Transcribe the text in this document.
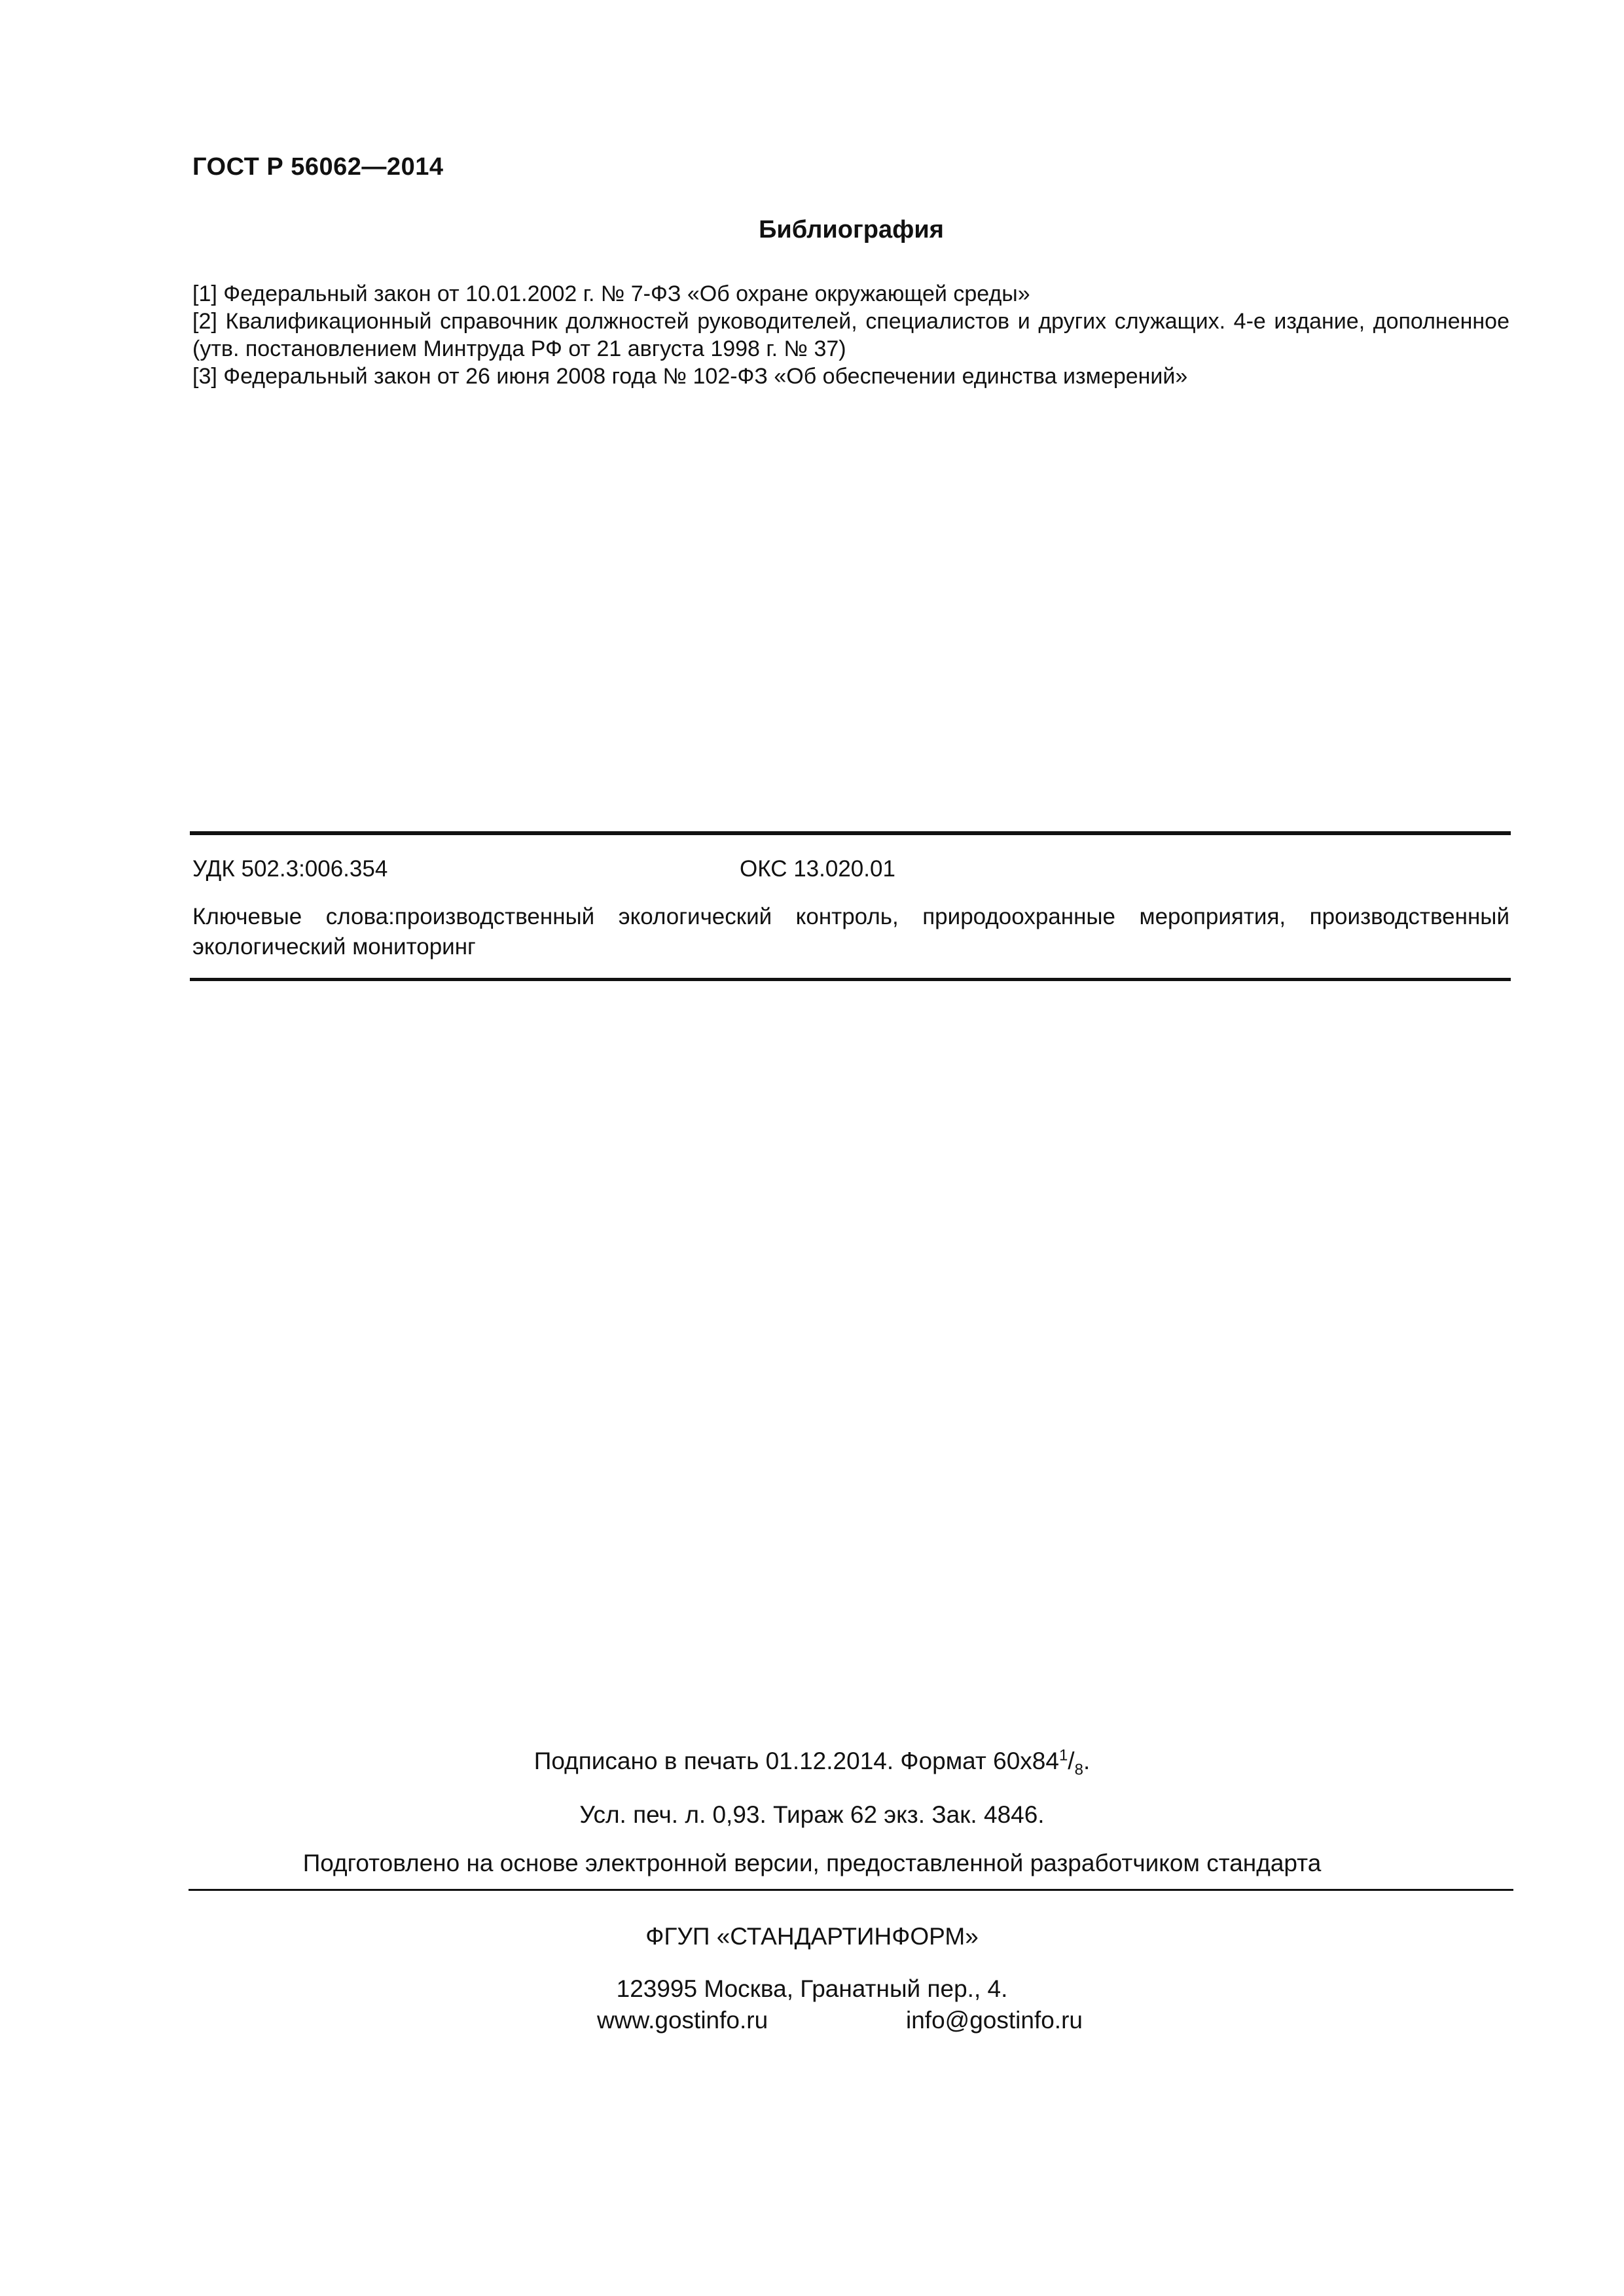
ГОСТ Р 56062—2014
Библиография
[1] Федеральный закон от 10.01.2002 г. № 7-ФЗ «Об охране окружающей среды»
[2] Квалификационный справочник должностей руководителей, специалистов и других служащих. 4-е издание, дополненное (утв. постановлением Минтруда РФ от 21 августа 1998 г. № 37)
[3] Федеральный закон от 26 июня 2008 года № 102-ФЗ «Об обеспечении единства измерений»
УДК 502.3:006.354	ОКС 13.020.01
Ключевые слова:производственный экологический контроль, природоохранные мероприятия, производственный экологический мониторинг
Подписано в печать 01.12.2014. Формат $60х84^1/_8$.
Усл. печ. л. 0,93. Тираж 62 экз. Зак. 4846.
Подготовлено на основе электронной версии, предоставленной разработчиком стандарта
ФГУП «СТАНДАРТИНФОРМ»
123995 Москва, Гранатный пер., 4.
www.gostinfo.ru	info@gostinfo.ru
